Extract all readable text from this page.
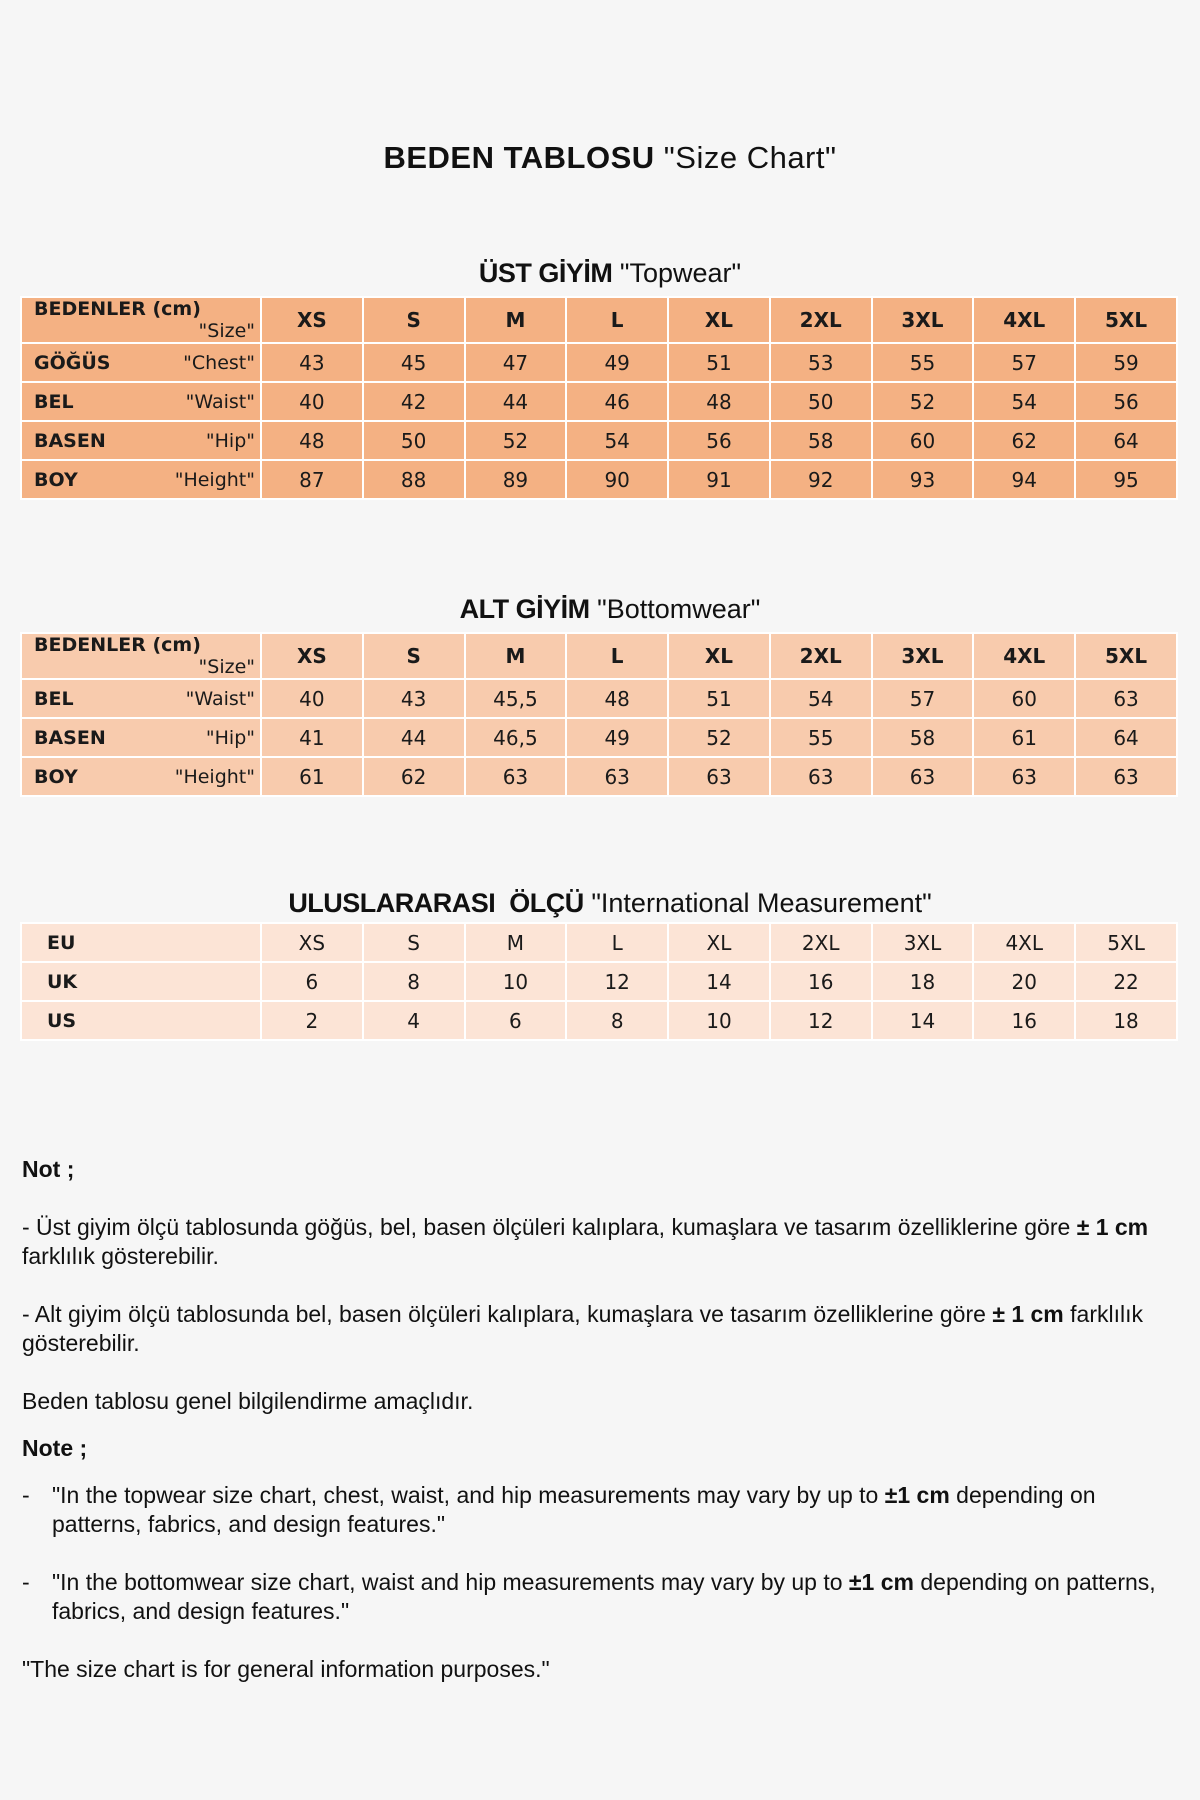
BEDEN TABLOSU "Size Chart"
ÜST GİYİM "Topwear"
BEDENLER (cm)
"Size"	XS	S	M	L	XL	2XL	3XL	4XL	5XL
GÖĞÜS "Chest"	43	45	47	49	51	53	55	57	59
BEL "Waist"	40	42	44	46	48	50	52	54	56
BASEN "Hip"	48	50	52	54	56	58	60	62	64
BOY "Height"	87	88	89	90	91	92	93	94	95
ALT GİYİM "Bottomwear"
BEDENLER (cm)
"Size"	XS	S	M	L	XL	2XL	3XL	4XL	5XL
BEL "Waist"	40	43	45,5	48	51	54	57	60	63
BASEN "Hip"	41	44	46,5	49	52	55	58	61	64
BOY "Height"	61	62	63	63	63	63	63	63	63
ULUSLARARASI  ÖLÇÜ "International Measurement"
EU	XS	S	M	L	XL	2XL	3XL	4XL	5XL
UK	6	8	10	12	14	16	18	20	22
US	2	4	6	8	10	12	14	16	18

Not ;

- Üst giyim ölçü tablosunda göğüs, bel, basen ölçüleri kalıplara, kumaşlara ve tasarım özelliklerine göre ± 1 cm farklılık gösterebilir.

- Alt giyim ölçü tablosunda bel, basen ölçüleri kalıplara, kumaşlara ve tasarım özelliklerine göre ± 1 cm farklılık gösterebilir.

Beden tablosu genel bilgilendirme amaçlıdır.

Note ;

- "In the topwear size chart, chest, waist, and hip measurements may vary by up to ±1 cm depending on patterns, fabrics, and design features."

- "In the bottomwear size chart, waist and hip measurements may vary by up to ±1 cm depending on patterns, fabrics, and design features."

"The size chart is for general information purposes."
